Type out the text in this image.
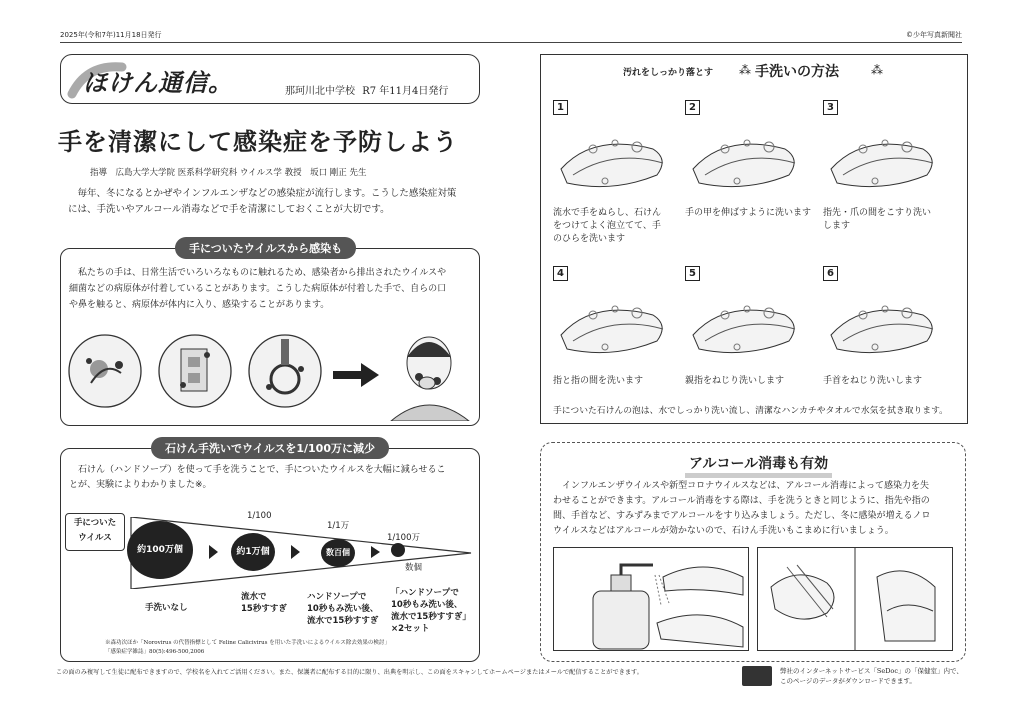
2025年(令和7年)11月18日発行	©少年写真新聞社
ほけん通信。	那珂川北中学校 R7 年11月4日発行
手を清潔にして感染症を予防しよう
指導　広島大学大学院 医系科学研究科 ウイルス学 教授　坂口 剛正 先生
毎年、冬になるとかぜやインフルエンザなどの感染症が流行します。こうした感染症対策
には、手洗いやアルコール消毒などで手を清潔にしておくことが大切です。
手についたウイルスから感染も
私たちの手は、日常生活でいろいろなものに触れるため、感染者から排出されたウイルスや
細菌などの病原体が付着していることがあります。こうした病原体が付着した手で、自らの口
や鼻を触ると、病原体が体内に入り、感染することがあります。
石けん手洗いでウイルスを1/100万に減少
石けん（ハンドソープ）を使って手を洗うことで、手についたウイルスを大幅に減らせるこ
とが、実験によりわかりました※。
手についた
ウイルス
約100万個	約1万個	数百個
数個
1/100
1/1万
1/100万
手洗いなし
流水で
15秒すすぎ
ハンドソープで
10秒もみ洗い後、
流水で15秒すすぎ
「ハンドソープで
10秒もみ洗い後、
流水で15秒すすぎ」
×2セット
※森功次ほか「Norovirus の代替指標として Feline Calicivirus を用いた手洗いによるウイルス除去効果の検討」
「感染症学雑誌」80(5):496-500,2006
汚れをしっかり落とす	手洗いの方法
⁂	⁂
1
流水で手をぬらし、石けん
をつけてよく泡立てて、手
のひらを洗います
2
手の甲を伸ばすように洗います
3
指先・爪の間をこすり洗い
します
4
指と指の間を洗います
5
親指をねじり洗いします
6
手首をねじり洗いします
手についた石けんの泡は、水でしっかり洗い流し、清潔なハンカチやタオルで水気を拭き取ります。
アルコール消毒も有効
インフルエンザウイルスや新型コロナウイルスなどは、アルコール消毒によって感染力を失
わせることができます。アルコール消毒をする際は、手を洗うときと同じように、指先や指の
間、手首など、すみずみまでアルコールをすり込みましょう。ただし、冬に感染が増えるノロ
ウイルスなどはアルコールが効かないので、石けん手洗いもこまめに行いましょう。
この面のみ複写して生徒に配布できますので、学校名を入れてご活用ください。また、保護者に配布する目的に限り、出典を明示し、この面をスキャンしてホームページまたはメールで配信することができます。	弊社のインターネットサービス「SeDoc」の「保健室」内で、
このページのデータがダウンロードできます。
